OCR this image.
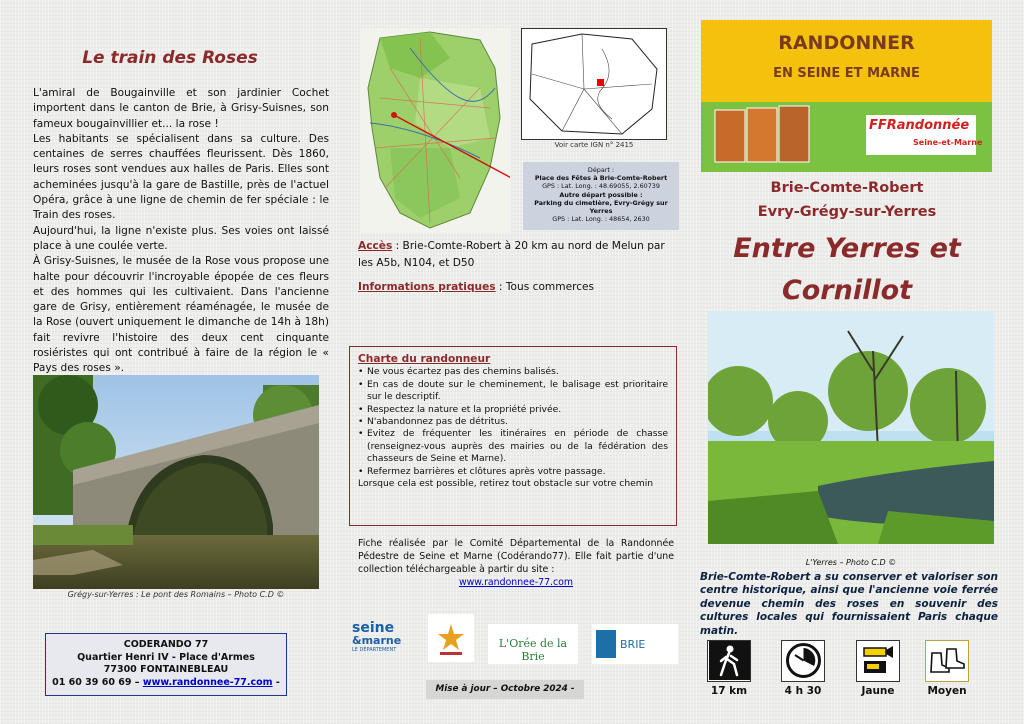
Le train des Roses

L'amiral de Bougainville et son jardinier Cochet importent dans le canton de Brie, à Grisy-Suisnes, son fameux bougainvillier et... la rose !

Les habitants se spécialisent dans sa culture. Des centaines de serres chauffées fleurissent. Dès 1860, leurs roses sont vendues aux halles de Paris. Elles sont acheminées jusqu'à la gare de Bastille, près de l'actuel Opéra, grâce à une ligne de chemin de fer spéciale : le Train des roses.

Aujourd'hui, la ligne n'existe plus. Ses voies ont laissé place à une coulée verte.

À Grisy-Suisnes, le musée de la Rose vous propose une halte pour découvrir l'incroyable épopée de ces fleurs et des hommes qui les cultivaient. Dans l'ancienne gare de Grisy, entièrement réaménagée, le musée de la Rose (ouvert uniquement le dimanche de 14h à 18h) fait revivre l'histoire des deux cent cinquante rosiéristes qui ont contribué à faire de la région le « Pays des roses ».

Grégy-sur-Yerres : Le pont des Romains – Photo C.D ©
CODERANDO 77
Quartier Henri IV - Place d'Armes
77300 FONTAINEBLEAU
01 60 39 60 69 – www.randonnee-77.com -
Voir carte IGN n° 2415
Départ :
Place des Fêtes à Brie-Comte-Robert
GPS : Lat. Long. : 48.69055, 2.60739
Autre départ possible :
Parking du cimetière, Evry-Grégy sur Yerres
GPS : Lat. Long. : 48654, 2630
Accès : Brie-Comte-Robert à 20 km au nord de Melun par les A5b, N104, et D50
Informations pratiques : Tous commerces
Charte du randonneur
• Ne vous écartez pas des chemins balisés.
• En cas de doute sur le cheminement, le balisage est prioritaire sur le descriptif.
• Respectez la nature et la propriété privée.
• N'abandonnez pas de détritus.
• Evitez de fréquenter les itinéraires en période de chasse (renseignez-vous auprès des mairies ou de la fédération des chasseurs de Seine et Marne).
• Refermez barrières et clôtures après votre passage.
Lorsque cela est possible, retirez tout obstacle sur votre chemin
Fiche réalisée par le Comité Départemental de la Randonnée Pédestre de Seine et Marne (Codérando77). Elle fait partie d'une collection téléchargeable à partir du site :
www.randonnee-77.com
seine
&marne
LE DÉPARTEMENT	L'Orée de la Brie
BRIE
Mise à jour – Octobre 2024 -
RANDONNER
EN SEINE ET MARNE
FFRandonnée
Seine-et-Marne
Brie-Comte-Robert
Evry-Grégy-sur-Yerres
Entre Yerres et
Cornillot
L'Yerres – Photo C.D ©
Brie-Comte-Robert a su conserver et valoriser son centre historique, ainsi que l'ancienne voie ferrée devenue chemin des roses en souvenir des cultures locales qui fournissaient Paris chaque matin.
17 km	4 h 30	Jaune	Moyen
